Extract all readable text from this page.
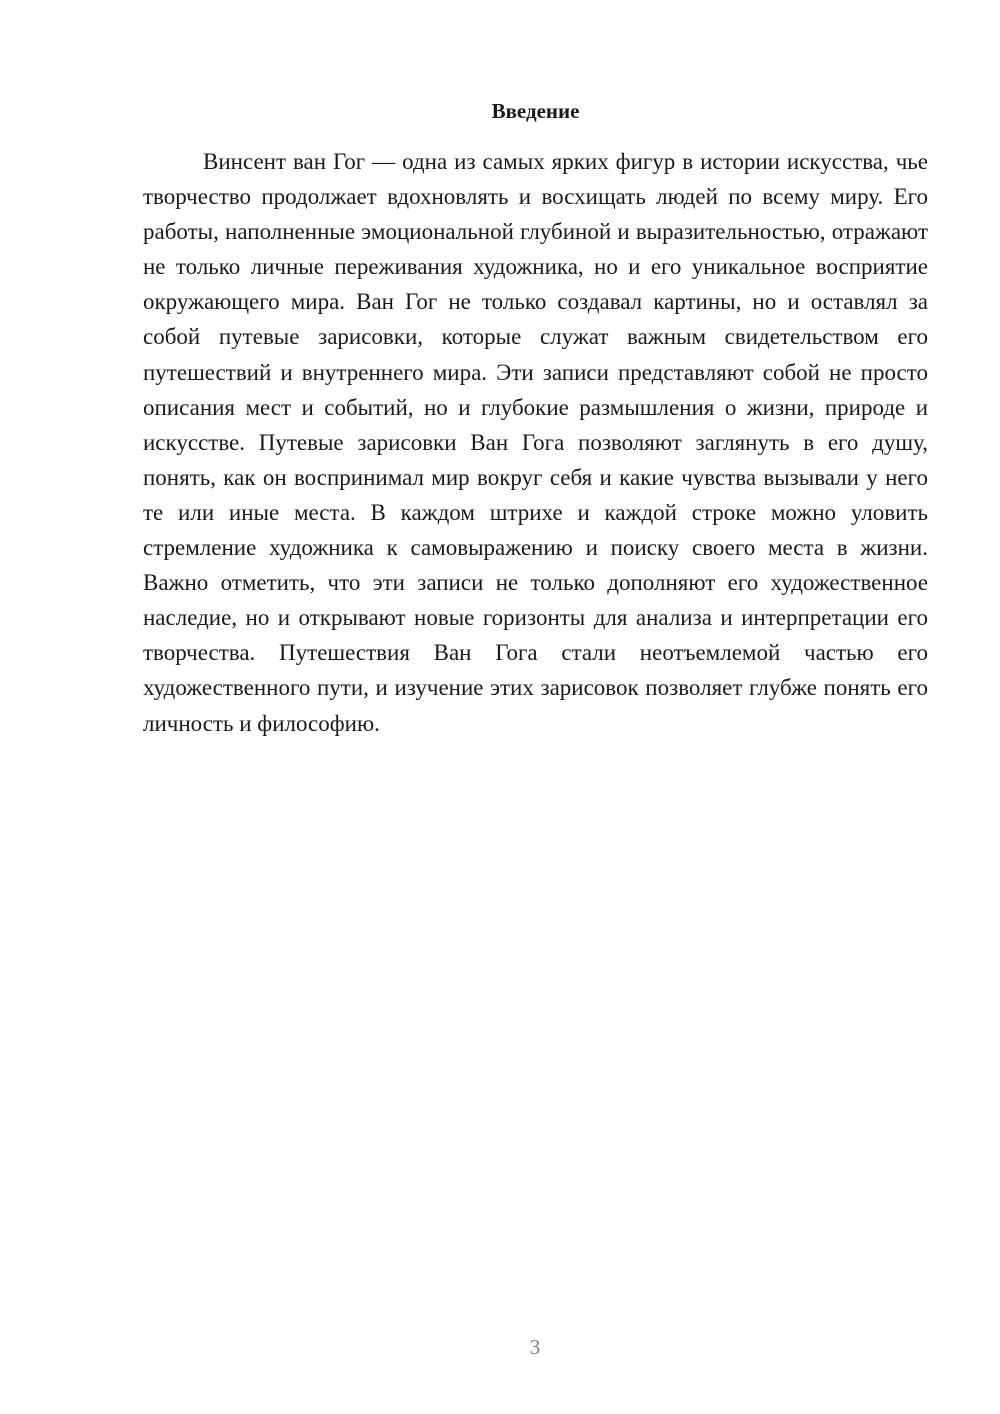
Введение

Винсент ван Гог — одна из самых ярких фигур в истории искусства, чье творчество продолжает вдохновлять и восхищать людей по всему миру. Его работы, наполненные эмоциональной глубиной и выразительностью, отражают не только личные переживания художника, но и его уникальное восприятие окружающего мира. Ван Гог не только создавал картины, но и оставлял за собой путевые зарисовки, которые служат важным свидетельством его путешествий и внутреннего мира. Эти записи представляют собой не просто описания мест и событий, но и глубокие размышления о жизни, природе и искусстве. Путевые зарисовки Ван Гога позволяют заглянуть в его душу, понять, как он воспринимал мир вокруг себя и какие чувства вызывали у него те или иные места. В каждом штрихе и каждой строке можно уловить стремление художника к самовыражению и поиску своего места в жизни. Важно отметить, что эти записи не только дополняют его художественное наследие, но и открывают новые горизонты для анализа и интерпретации его творчества. Путешествия Ван Гога стали неотъемлемой частью его художественного пути, и изучение этих зарисовок позволяет глубже понять его личность и философию.

3
